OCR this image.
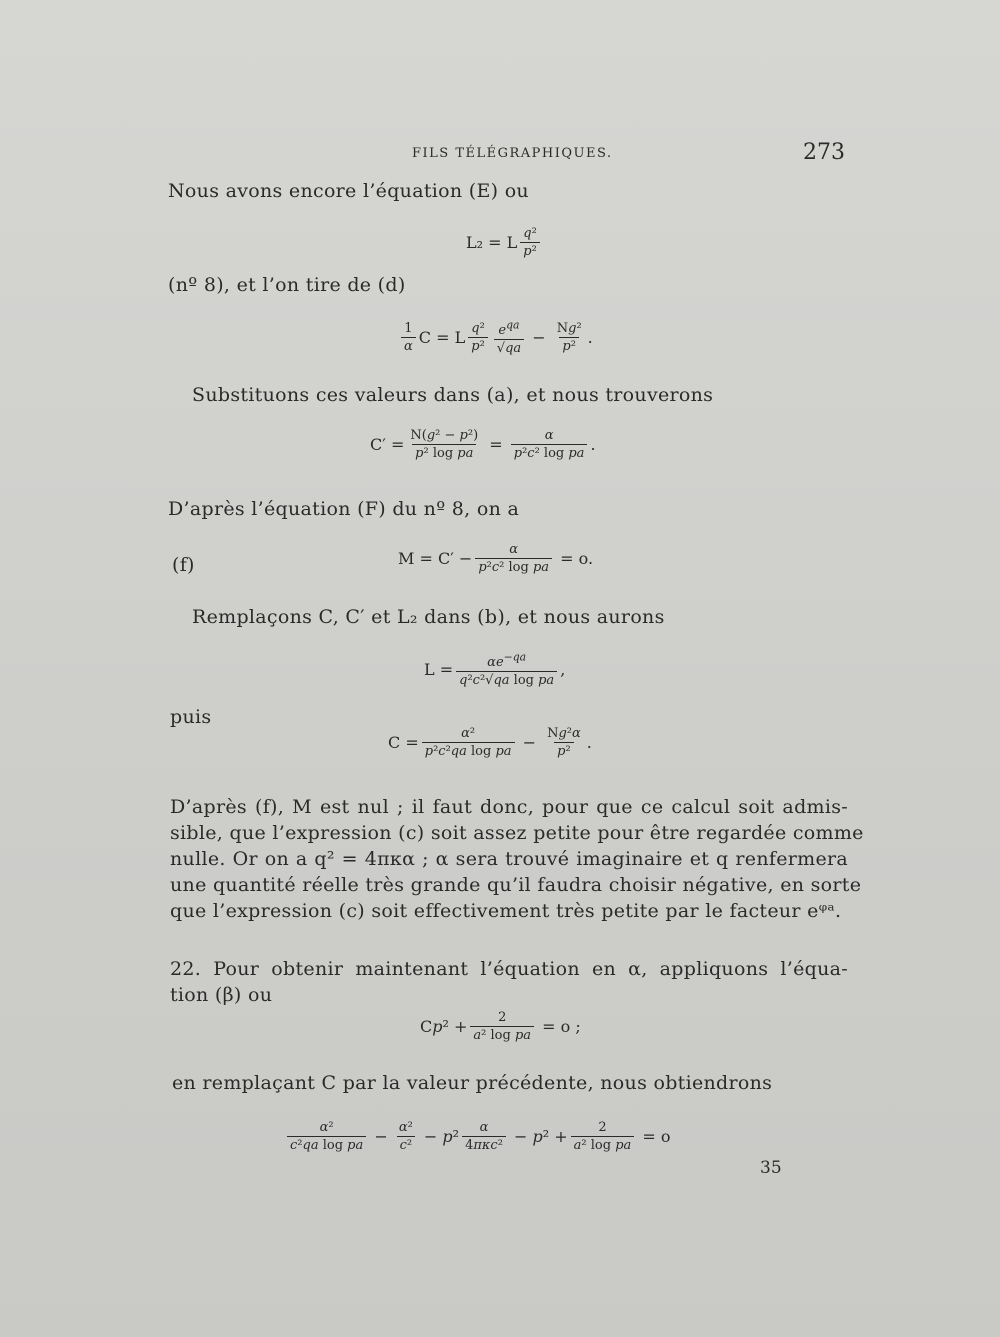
FILS TÉLÉGRAPHIQUES.	273
Nous avons encore l’équation (E) ou
L₂ = L $\frac{\text{q²}}{\text{p²}}$
(nº 8), et l’on tire de (d)
$\frac{1}{\alpha}$ C = L $\frac{\text{q²}}{\text{p²}} \frac{e^{qa}}{√qa} - \frac{\text{Ng²}}{\text{p²}}$ .
Substituons ces valeurs dans (a), et nous trouverons
$C' = \frac{\text{N(g² − p²)}}{\text{p² log pa}} = \frac{\alpha}{\text{p²c² log pa}}$ .
D’après l’équation (F) du nº 8, on a
(f)	$M = C' - \frac{\alpha}{\text{p²c² log pa}} = o$.
Remplaçons C, C′ et L₂ dans (b), et nous aurons
$L = \frac{\alpha e^{-qa}}{\text{q²c²√qa log pa}}$ ,
puis
$C = \frac{\text{α²}}{\text{p²c²qa log pa}} - \frac{\text{Ng²α}}{\text{p²}}$ .
D’après (f), M est nul ; il faut donc, pour que ce calcul soit admis-
sible, que l’expression (c) soit assez petite pour être regardée comme
nulle. Or on a q² = 4πκα ; α sera trouvé imaginaire et q renfermera
une quantité réelle très grande qu’il faudra choisir négative, en sorte
que l’expression (c) soit effectivement très petite par le facteur eᵠᵃ.
22. Pour obtenir maintenant l’équation en α, appliquons l’équa-
tion (β) ou
$Cp^2 + \frac{2}{\text{a² log pa}} = o$ ;
en remplaçant C par la valeur précédente, nous obtiendrons
$\frac{\text{α²}}{\text{c²qa log pa}} - \frac{\text{α²}}{\text{c²}} - p^2 \frac{\alpha}{\text{4πκc²}} - p^2 + \frac{2}{\text{a² log pa}} = o$
35
